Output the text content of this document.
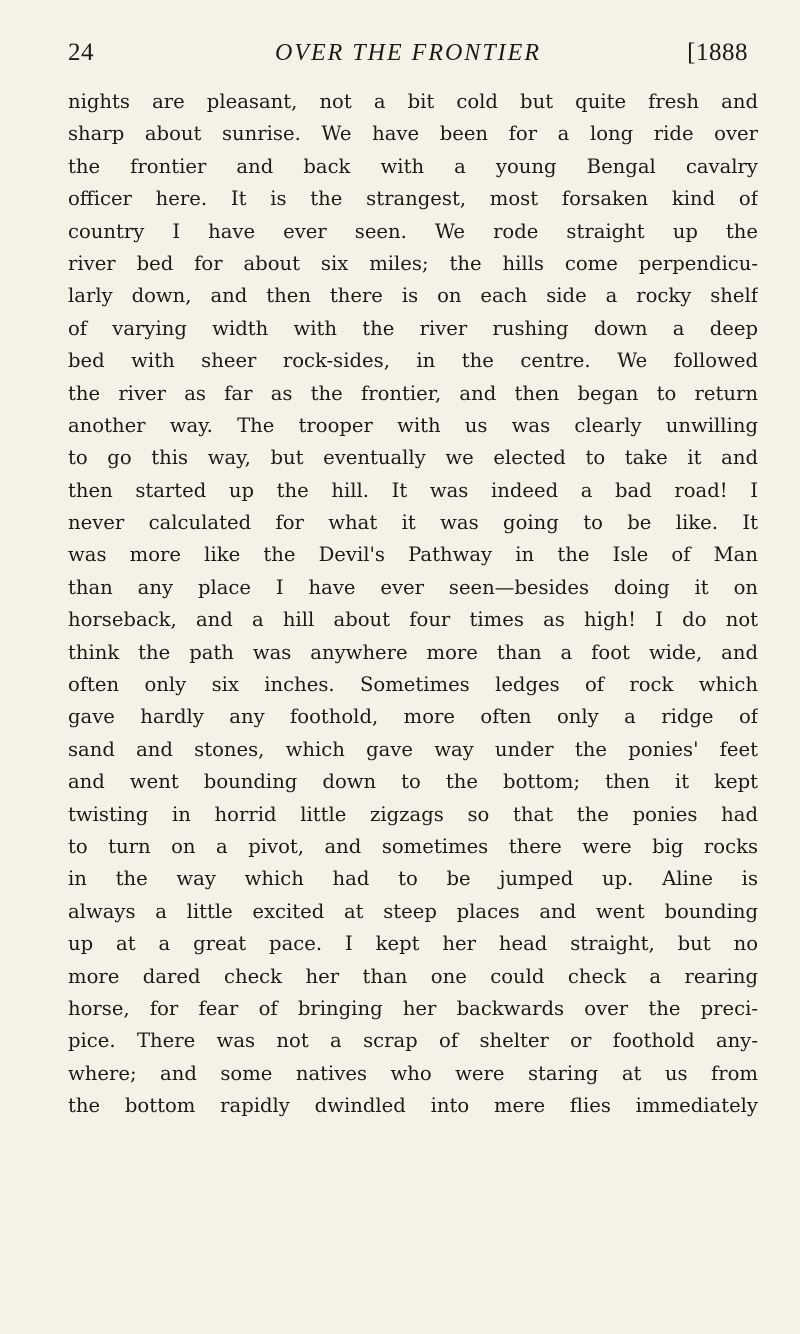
24	OVER THE FRONTIER	[1888
nights are pleasant, not a bit cold but quite fresh and
sharp about sunrise. We have been for a long ride over
the frontier and back with a young Bengal cavalry
officer here. It is the strangest, most forsaken kind of
country I have ever seen. We rode straight up the
river bed for about six miles; the hills come perpendicu-
larly down, and then there is on each side a rocky shelf
of varying width with the river rushing down a deep
bed with sheer rock-sides, in the centre. We followed
the river as far as the frontier, and then began to return
another way. The trooper with us was clearly unwilling
to go this way, but eventually we elected to take it and
then started up the hill. It was indeed a bad road! I
never calculated for what it was going to be like. It
was more like the Devil's Pathway in the Isle of Man
than any place I have ever seen—besides doing it on
horseback, and a hill about four times as high! I do not
think the path was anywhere more than a foot wide, and
often only six inches. Sometimes ledges of rock which
gave hardly any foothold, more often only a ridge of
sand and stones, which gave way under the ponies' feet
and went bounding down to the bottom; then it kept
twisting in horrid little zigzags so that the ponies had
to turn on a pivot, and sometimes there were big rocks
in the way which had to be jumped up. Aline is
always a little excited at steep places and went bounding
up at a great pace. I kept her head straight, but no
more dared check her than one could check a rearing
horse, for fear of bringing her backwards over the preci-
pice. There was not a scrap of shelter or foothold any-
where; and some natives who were staring at us from
the bottom rapidly dwindled into mere flies immediately
